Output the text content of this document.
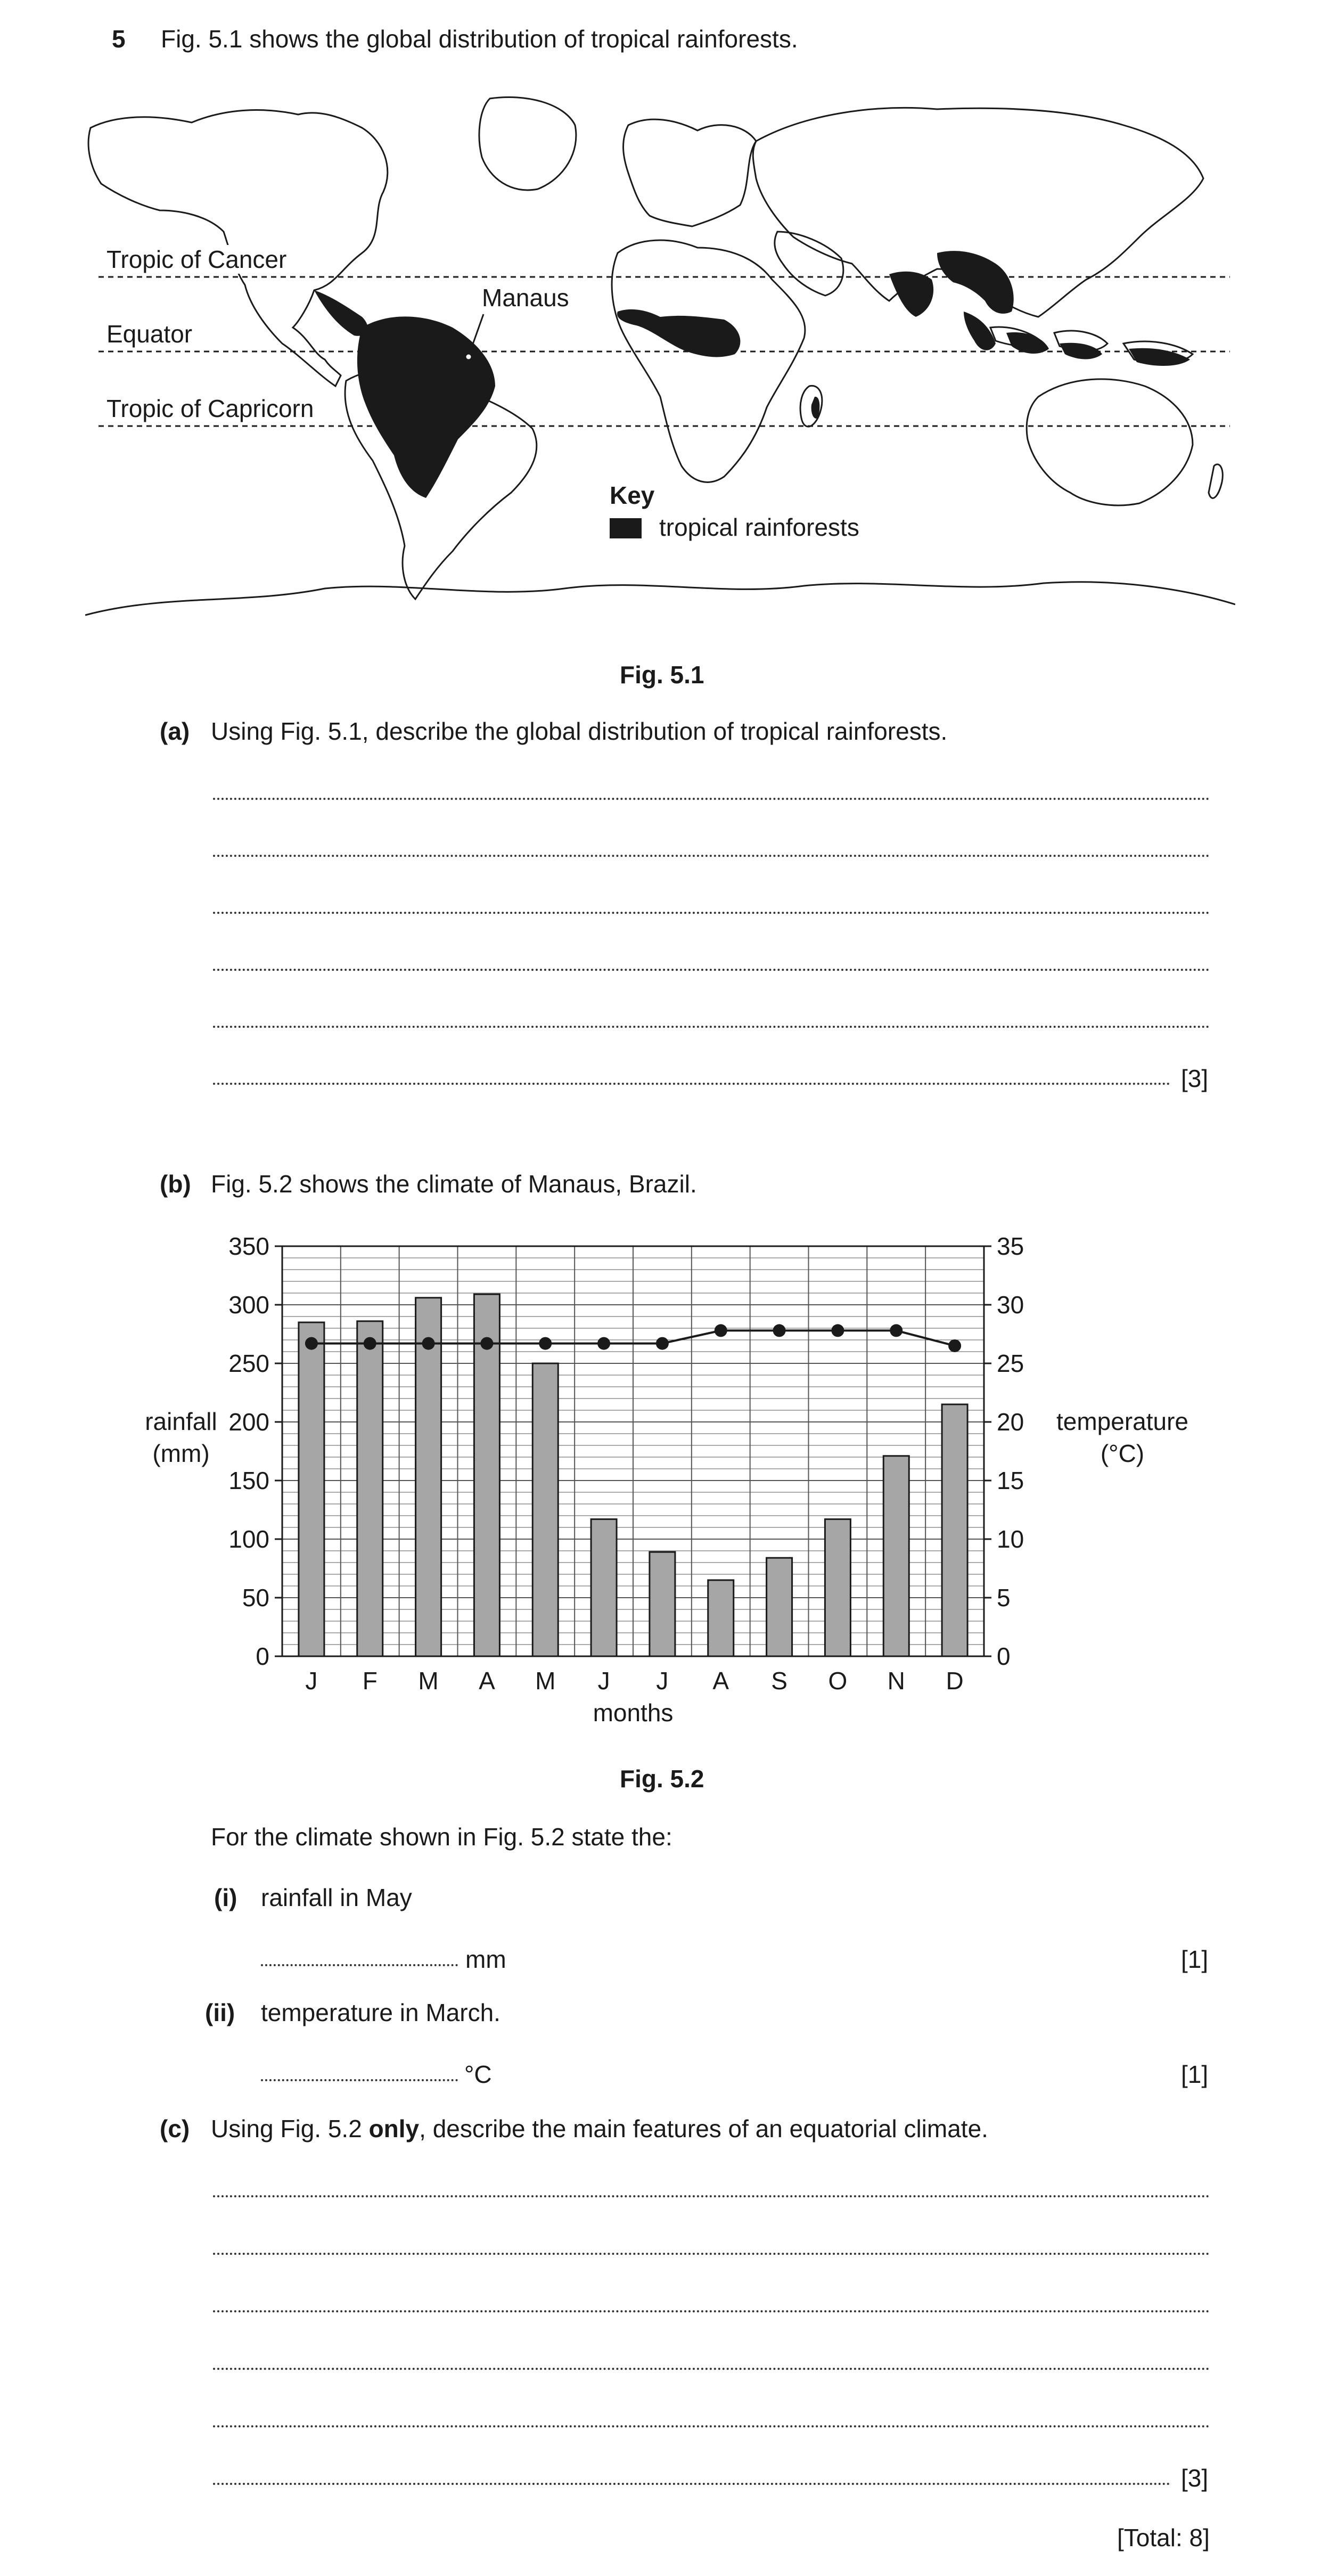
5 Fig. 5.1 shows the global distribution of tropical rainforests.
Tropic of Cancer
Equator
Tropic of Capricorn
Manaus
Key
tropical rainforests
Fig. 5.1
(a) Using Fig. 5.1, describe the global distribution of tropical rainforests.
[3]
(b) Fig. 5.2 shows the climate of Manaus, Brazil.
0
50
100
150
200
250
300
350
0
5
10
15
20
25
30
35
J F M A M J J A S O N D
months
rainfall
(mm)
temperature
(°C)
Fig. 5.2
For the climate shown in Fig. 5.2 state the:
(i) rainfall in May
mm	[1]
(ii) temperature in March.
°C	[1]
(c) Using Fig. 5.2 only, describe the main features of an equatorial climate.
[3]
[Total: 8]
